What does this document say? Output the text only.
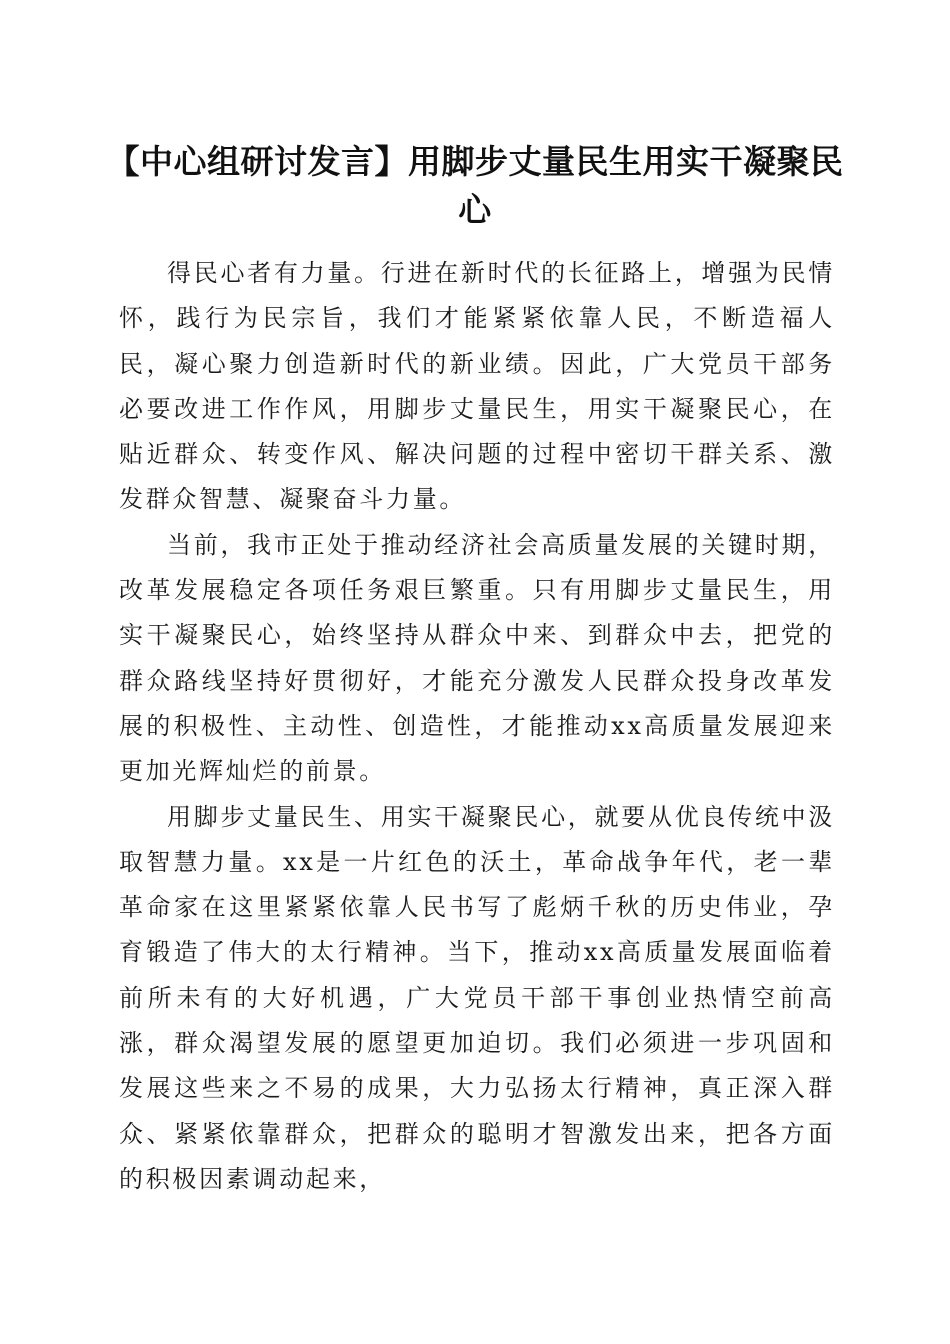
【中心组研讨发言】用脚步丈量民生用实干凝聚民心

得民心者有力量。行进在新时代的长征路上，增强为民情怀，践行为民宗旨，我们才能紧紧依靠人民，不断造福人民，凝心聚力创造新时代的新业绩。因此，广大党员干部务必要改进工作作风，用脚步丈量民生，用实干凝聚民心，在贴近群众、转变作风、解决问题的过程中密切干群关系、激发群众智慧、凝聚奋斗力量。

当前，我市正处于推动经济社会高质量发展的关键时期，改革发展稳定各项任务艰巨繁重。只有用脚步丈量民生，用实干凝聚民心，始终坚持从群众中来、到群众中去，把党的群众路线坚持好贯彻好，才能充分激发人民群众投身改革发展的积极性、主动性、创造性，才能推动xx高质量发展迎来更加光辉灿烂的前景。

用脚步丈量民生、用实干凝聚民心，就要从优良传统中汲取智慧力量。xx是一片红色的沃土，革命战争年代，老一辈革命家在这里紧紧依靠人民书写了彪炳千秋的历史伟业，孕育锻造了伟大的太行精神。当下，推动xx高质量发展面临着前所未有的大好机遇，广大党员干部干事创业热情空前高涨，群众渴望发展的愿望更加迫切。我们必须进一步巩固和发展这些来之不易的成果，大力弘扬太行精神，真正深入群众、紧紧依靠群众，把群众的聪明才智激发出来，把各方面的积极因素调动起来，
